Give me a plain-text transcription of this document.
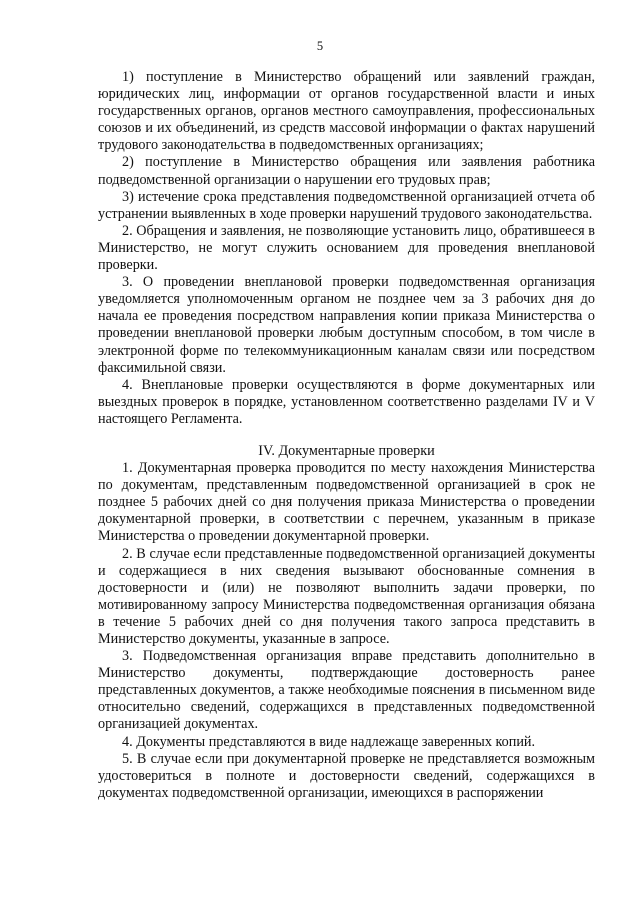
5

1) поступление в Министерство обращений или заявлений граждан, юридических лиц, информации от органов государственной власти и иных государственных органов, органов местного самоуправления, профессиональных союзов и их объединений, из средств массовой информации о фактах нарушений трудового законодательства в подведомственных организациях;

2) поступление в Министерство обращения или заявления работника подведомственной организации о нарушении его трудовых прав;

3) истечение срока представления подведомственной организацией отчета об устранении выявленных в ходе проверки нарушений трудового законодательства.

2. Обращения и заявления, не позволяющие установить лицо, обратившееся в Министерство, не могут служить основанием для проведения внеплановой проверки.

3. О проведении внеплановой проверки подведомственная организация уведомляется уполномоченным органом не позднее чем за 3 рабочих дня до начала ее проведения посредством направления копии приказа Министерства о проведении внеплановой проверки любым доступным способом, в том числе в электронной форме по телекоммуникационным каналам связи или посредством факсимильной связи.

4. Внеплановые проверки осуществляются в форме документарных или выездных проверок в порядке, установленном соответственно разделами IV и V настоящего Регламента.

IV. Документарные проверки

1. Документарная проверка проводится по месту нахождения Министерства по документам, представленным подведомственной организацией в срок не позднее 5 рабочих дней со дня получения приказа Министерства о проведении документарной проверки, в соответствии с перечнем, указанным в приказе Министерства о проведении документарной проверки.

2. В случае если представленные подведомственной организацией документы и содержащиеся в них сведения вызывают обоснованные сомнения в достоверности и (или) не позволяют выполнить задачи проверки, по мотивированному запросу Министерства подведомственная организация обязана в течение 5 рабочих дней со дня получения такого запроса представить в Министерство документы, указанные в запросе.

3. Подведомственная организация вправе представить дополнительно в Министерство документы, подтверждающие достоверность ранее представленных документов, а также необходимые пояснения в письменном виде относительно сведений, содержащихся в представленных подведомственной организацией документах.

4. Документы представляются в виде надлежаще заверенных копий.

5. В случае если при документарной проверке не представляется возможным удостовериться в полноте и достоверности сведений, содержащихся в документах подведомственной организации, имеющихся в распоряжении
